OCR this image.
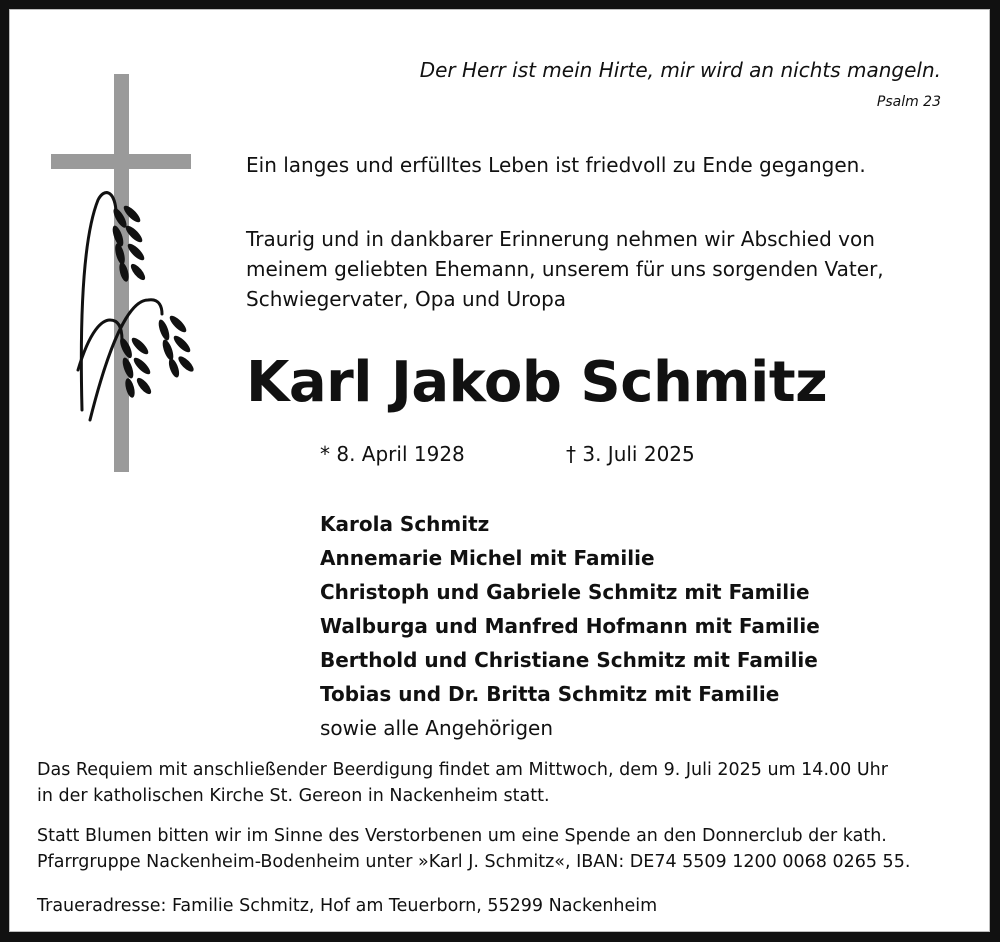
Der Herr ist mein Hirte, mir wird an nichts mangeln.
Psalm 23
Ein langes und erfülltes Leben ist friedvoll zu Ende gegangen.

Traurig und in dankbarer Erinnerung nehmen wir Abschied von

meinem geliebten Ehemann, unserem für uns sorgenden Vater,

Schwiegervater, Opa und Uropa

Karl Jakob Schmitz
* 8. April 1928	† 3. Juli 2025
Karola Schmitz
Annemarie Michel mit Familie
Christoph und Gabriele Schmitz mit Familie
Walburga und Manfred Hofmann mit Familie
Berthold und Christiane Schmitz mit Familie
Tobias und Dr. Britta Schmitz mit Familie
sowie alle Angehörigen

Das Requiem mit anschließender Beerdigung findet am Mittwoch, dem 9. Juli 2025 um 14.00 Uhr

in der katholischen Kirche St. Gereon in Nackenheim statt.

Statt Blumen bitten wir im Sinne des Verstorbenen um eine Spende an den Donnerclub der kath.

Pfarrgruppe Nackenheim-Bodenheim unter »Karl J. Schmitz«, IBAN: DE74 5509 1200 0068 0265 55.

Traueradresse: Familie Schmitz, Hof am Teuerborn, 55299 Nackenheim
